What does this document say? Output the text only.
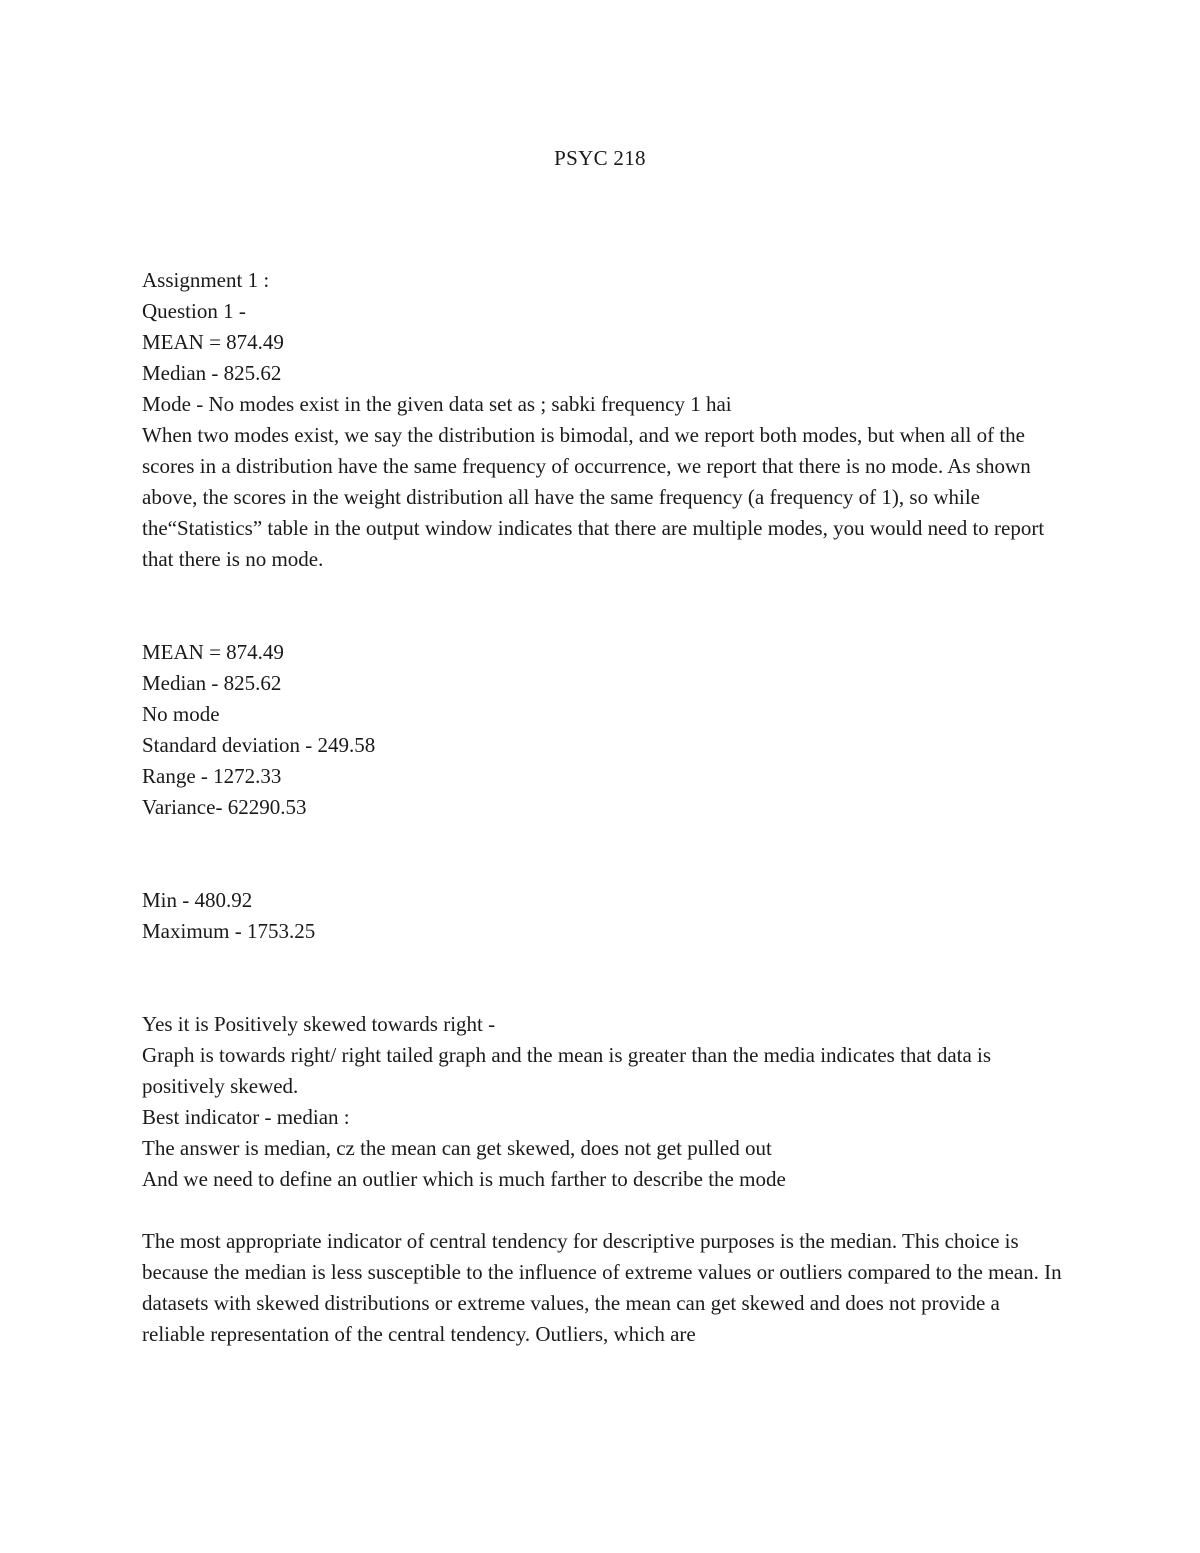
PSYC 218
Assignment 1 :
Question 1 -
MEAN = 874.49
Median - 825.62
Mode - No modes exist in the given data set as ; sabki frequency 1 hai
When two modes exist, we say the distribution is bimodal, and we report both modes, but when all of the scores in a distribution have the same frequency of occurrence, we report that there is no mode. As shown above, the scores in the weight distribution all have the same frequency (a frequency of 1), so while the“Statistics” table in the output window indicates that there are multiple modes, you would need to report that there is no mode.
MEAN = 874.49
Median - 825.62
No mode
Standard deviation - 249.58
Range - 1272.33
Variance- 62290.53
Min - 480.92
Maximum - 1753.25
Yes it is Positively skewed towards right -
Graph is towards right/ right tailed graph and the mean is greater than the media indicates that data is positively skewed.
Best indicator - median :
The answer is median, cz the mean can get skewed, does not get pulled out
And we need to define an outlier which is much farther to describe the mode
The most appropriate indicator of central tendency for descriptive purposes is the median. This choice is because the median is less susceptible to the influence of extreme values or outliers compared to the mean. In datasets with skewed distributions or extreme values, the mean can get skewed and does not provide a reliable representation of the central tendency. Outliers, which are
